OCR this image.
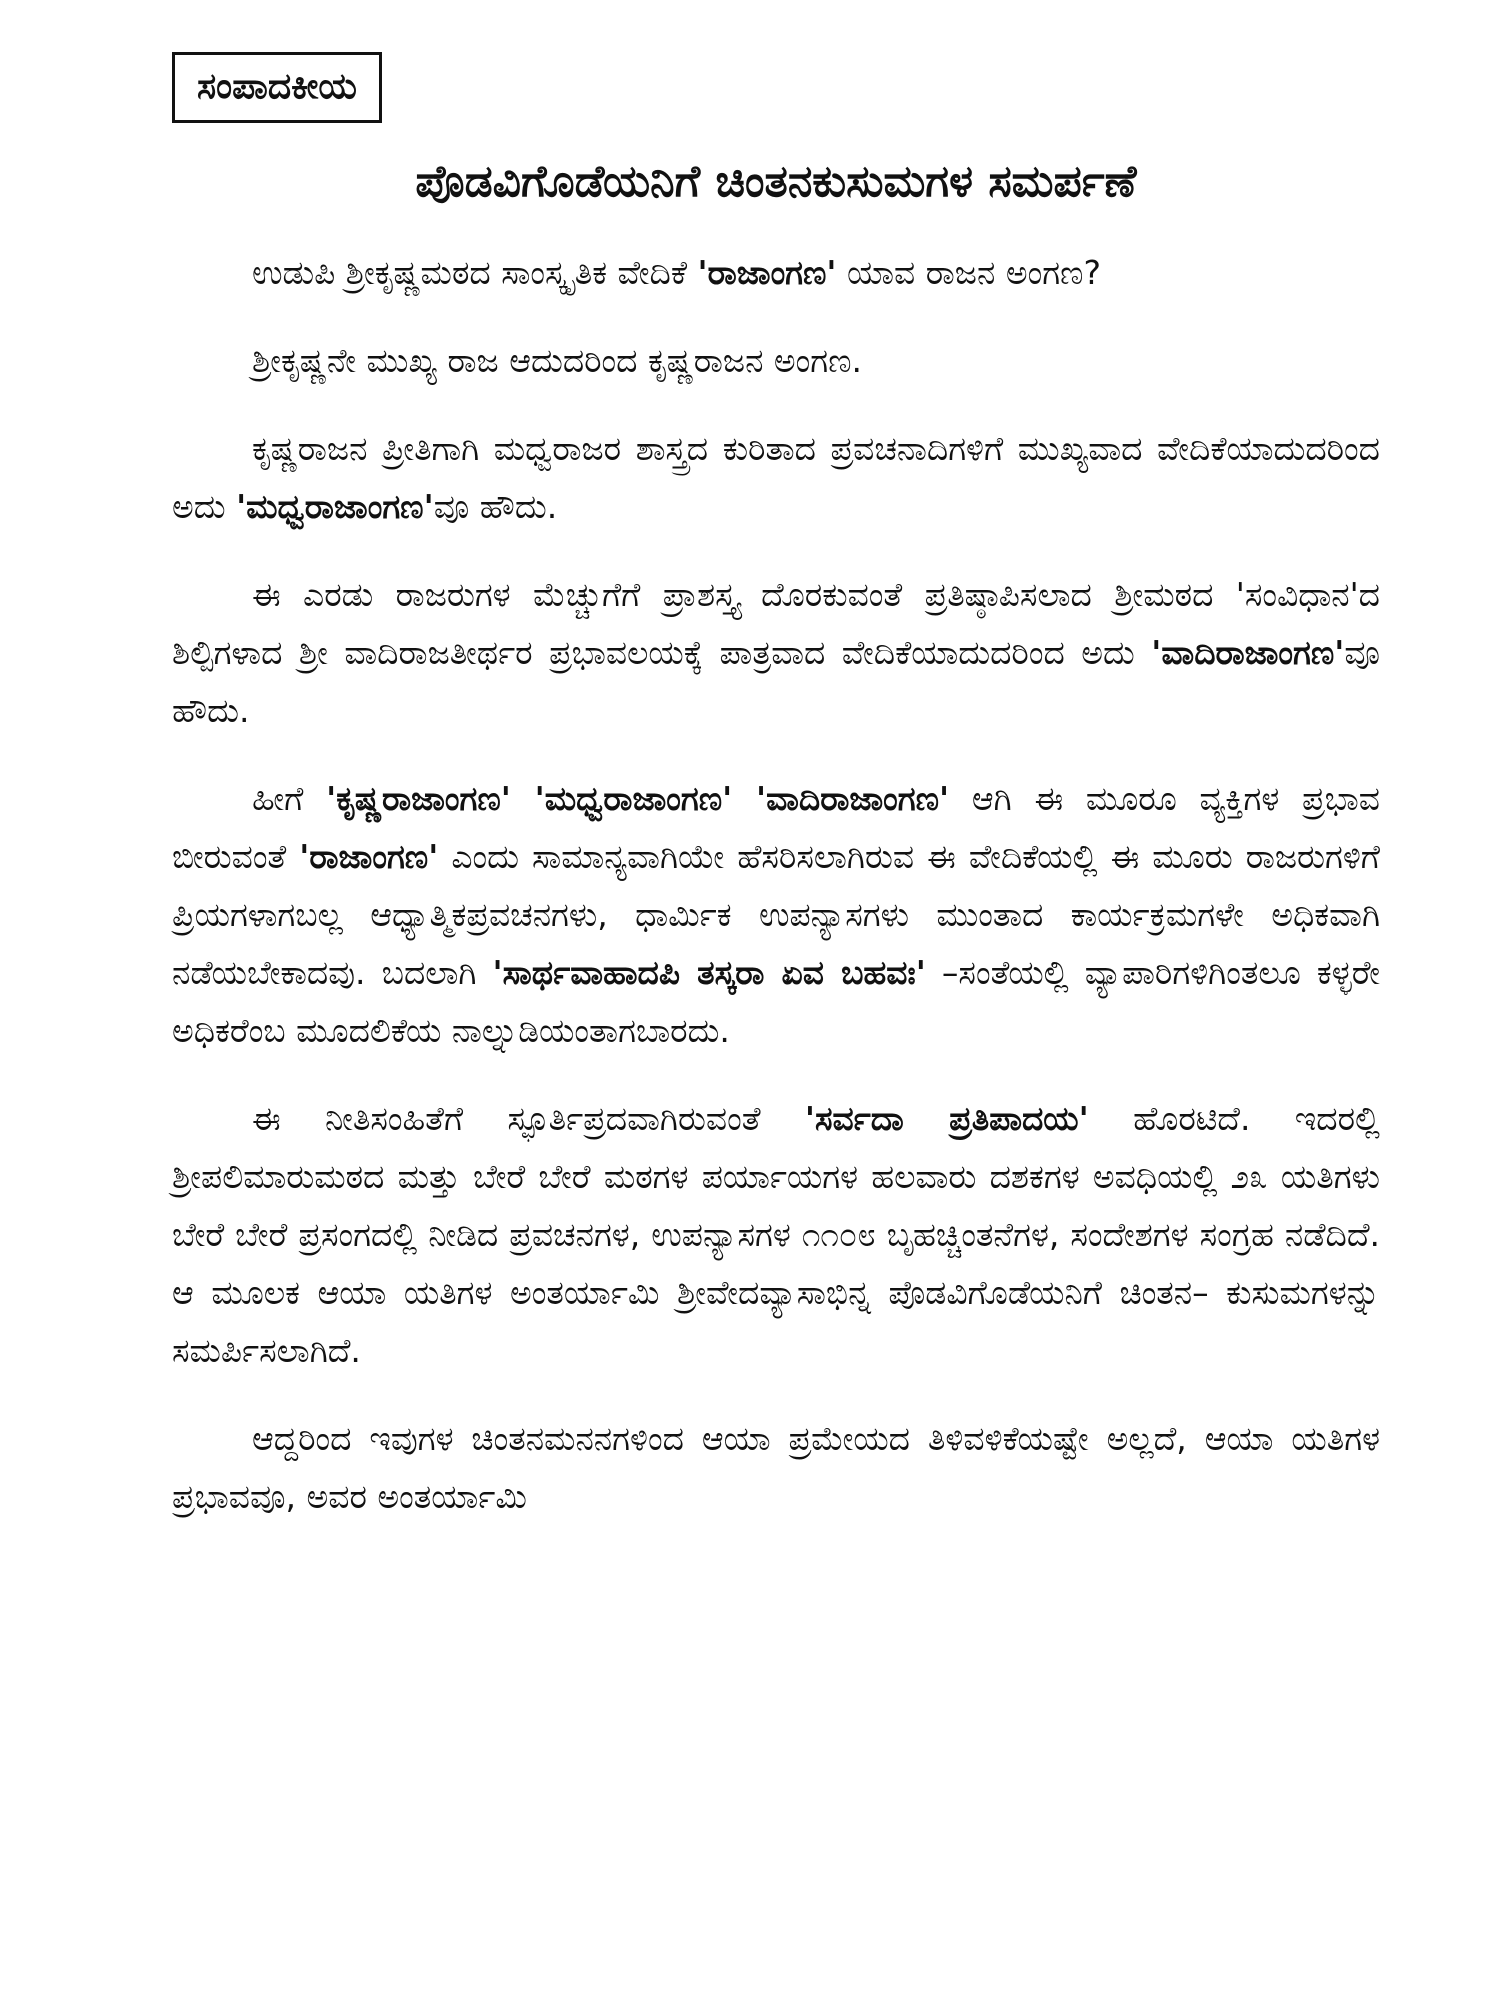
ಸಂಪಾದಕೀಯ
ಪೊಡವಿಗೊಡೆಯನಿಗೆ ಚಿಂತನಕುಸುಮಗಳ ಸಮರ್ಪಣೆ

ಉಡುಪಿ ಶ್ರೀಕೃಷ್ಣಮಠದ ಸಾಂಸ್ಕೃತಿಕ ವೇದಿಕೆ 'ರಾಜಾಂಗಣ' ಯಾವ ರಾಜನ ಅಂಗಣ?

ಶ್ರೀಕೃಷ್ಣನೇ ಮುಖ್ಯ ರಾಜ ಆದುದರಿಂದ ಕೃಷ್ಣರಾಜನ ಅಂಗಣ.

ಕೃಷ್ಣರಾಜನ ಪ್ರೀತಿಗಾಗಿ ಮಧ್ವರಾಜರ ಶಾಸ್ತ್ರದ ಕುರಿತಾದ ಪ್ರವಚನಾದಿಗಳಿಗೆ ಮುಖ್ಯವಾದ ವೇದಿಕೆಯಾದುದರಿಂದ ಅದು 'ಮಧ್ವರಾಜಾಂಗಣ'ವೂ ಹೌದು.

ಈ ಎರಡು ರಾಜರುಗಳ ಮೆಚ್ಚುಗೆಗೆ ಪ್ರಾಶಸ್ತ್ಯ ದೊರಕುವಂತೆ ಪ್ರತಿಷ್ಠಾಪಿಸಲಾದ ಶ್ರೀಮಠದ 'ಸಂವಿಧಾನ'ದ ಶಿಲ್ಪಿಗಳಾದ ಶ್ರೀ ವಾದಿರಾಜತೀರ್ಥರ ಪ್ರಭಾವಲಯಕ್ಕೆ ಪಾತ್ರವಾದ ವೇದಿಕೆಯಾದುದರಿಂದ ಅದು 'ವಾದಿರಾಜಾಂಗಣ'ವೂ ಹೌದು.

ಹೀಗೆ 'ಕೃಷ್ಣರಾಜಾಂಗಣ' 'ಮಧ್ವರಾಜಾಂಗಣ' 'ವಾದಿರಾಜಾಂಗಣ' ಆಗಿ ಈ ಮೂರೂ ವ್ಯಕ್ತಿಗಳ ಪ್ರಭಾವ ಬೀರುವಂತೆ 'ರಾಜಾಂಗಣ' ಎಂದು ಸಾಮಾನ್ಯವಾಗಿಯೇ ಹೆಸರಿಸಲಾಗಿರುವ ಈ ವೇದಿಕೆಯಲ್ಲಿ ಈ ಮೂರು ರಾಜರುಗಳಿಗೆ ಪ್ರಿಯಗಳಾಗಬಲ್ಲ ಆಧ್ಯಾತ್ಮಿಕಪ್ರವಚನಗಳು, ಧಾರ್ಮಿಕ ಉಪನ್ಯಾಸಗಳು ಮುಂತಾದ ಕಾರ್ಯಕ್ರಮಗಳೇ ಅಧಿಕವಾಗಿ ನಡೆಯಬೇಕಾದವು. ಬದಲಾಗಿ 'ಸಾರ್ಥವಾಹಾದಪಿ ತಸ್ಕರಾ ಏವ ಬಹವಃ' –ಸಂತೆಯಲ್ಲಿ ವ್ಯಾಪಾರಿಗಳಿಗಿಂತಲೂ ಕಳ್ಳರೇ ಅಧಿಕರೆಂಬ ಮೂದಲಿಕೆಯ ನಾಲ್ನುಡಿಯಂತಾಗಬಾರದು.

ಈ ನೀತಿಸಂಹಿತೆಗೆ ಸ್ಫೂರ್ತಿಪ್ರದವಾಗಿರುವಂತೆ 'ಸರ್ವದಾ ಪ್ರತಿಪಾದಯ' ಹೊರಟಿದೆ. ಇದರಲ್ಲಿ ಶ್ರೀಪಲಿಮಾರುಮಠದ ಮತ್ತು ಬೇರೆ ಬೇರೆ ಮಠಗಳ ಪರ್ಯಾಯಗಳ ಹಲವಾರು ದಶಕಗಳ ಅವಧಿಯಲ್ಲಿ ೨೩ ಯತಿಗಳು ಬೇರೆ ಬೇರೆ ಪ್ರಸಂಗದಲ್ಲಿ ನೀಡಿದ ಪ್ರವಚನಗಳ, ಉಪನ್ಯಾಸಗಳ ೧೧೦೮ ಬೃಹಚ್ಚಿಂತನೆಗಳ, ಸಂದೇಶಗಳ ಸಂಗ್ರಹ ನಡೆದಿದೆ. ಆ ಮೂಲಕ ಆಯಾ ಯತಿಗಳ ಅಂತರ್ಯಾಮಿ ಶ್ರೀವೇದವ್ಯಾಸಾಭಿನ್ನ ಪೊಡವಿಗೊಡೆಯನಿಗೆ ಚಿಂತನ– ಕುಸುಮಗಳನ್ನು ಸಮರ್ಪಿಸಲಾಗಿದೆ.

ಆದ್ದರಿಂದ ಇವುಗಳ ಚಿಂತನಮನನಗಳಿಂದ ಆಯಾ ಪ್ರಮೇಯದ ತಿಳಿವಳಿಕೆಯಷ್ಟೇ ಅಲ್ಲದೆ, ಆಯಾ ಯತಿಗಳ ಪ್ರಭಾವವೂ, ಅವರ ಅಂತರ್ಯಾಮಿ
